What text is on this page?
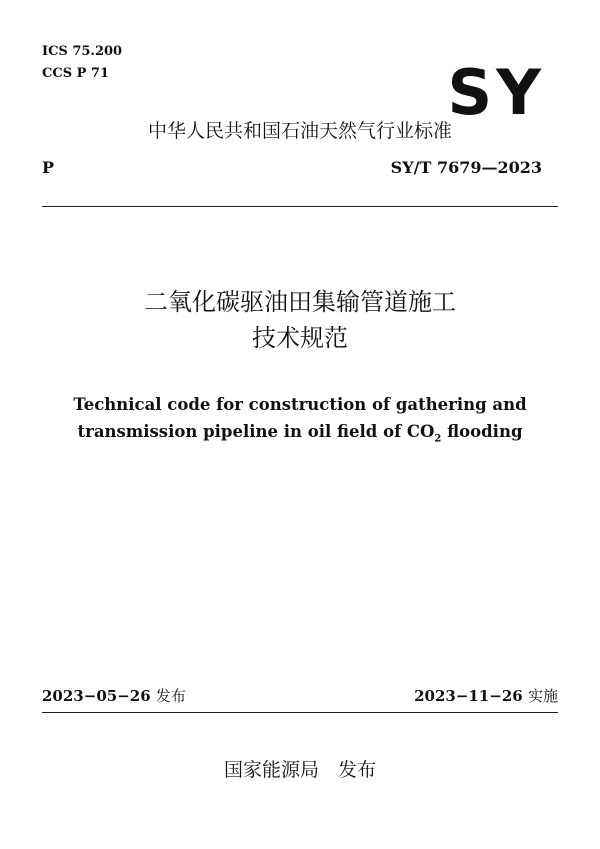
ICS 75.200
CCS P 71	SY
中华人民共和国石油天然气行业标准
P	SY/T 7679—2023
二氧化碳驱油田集输管道施工
技术规范
Technical code for construction of gathering and
transmission pipeline in oil field of $CO_2$ flooding
2023−05−26 发布	2023−11−26 实施
国家能源局　发布
